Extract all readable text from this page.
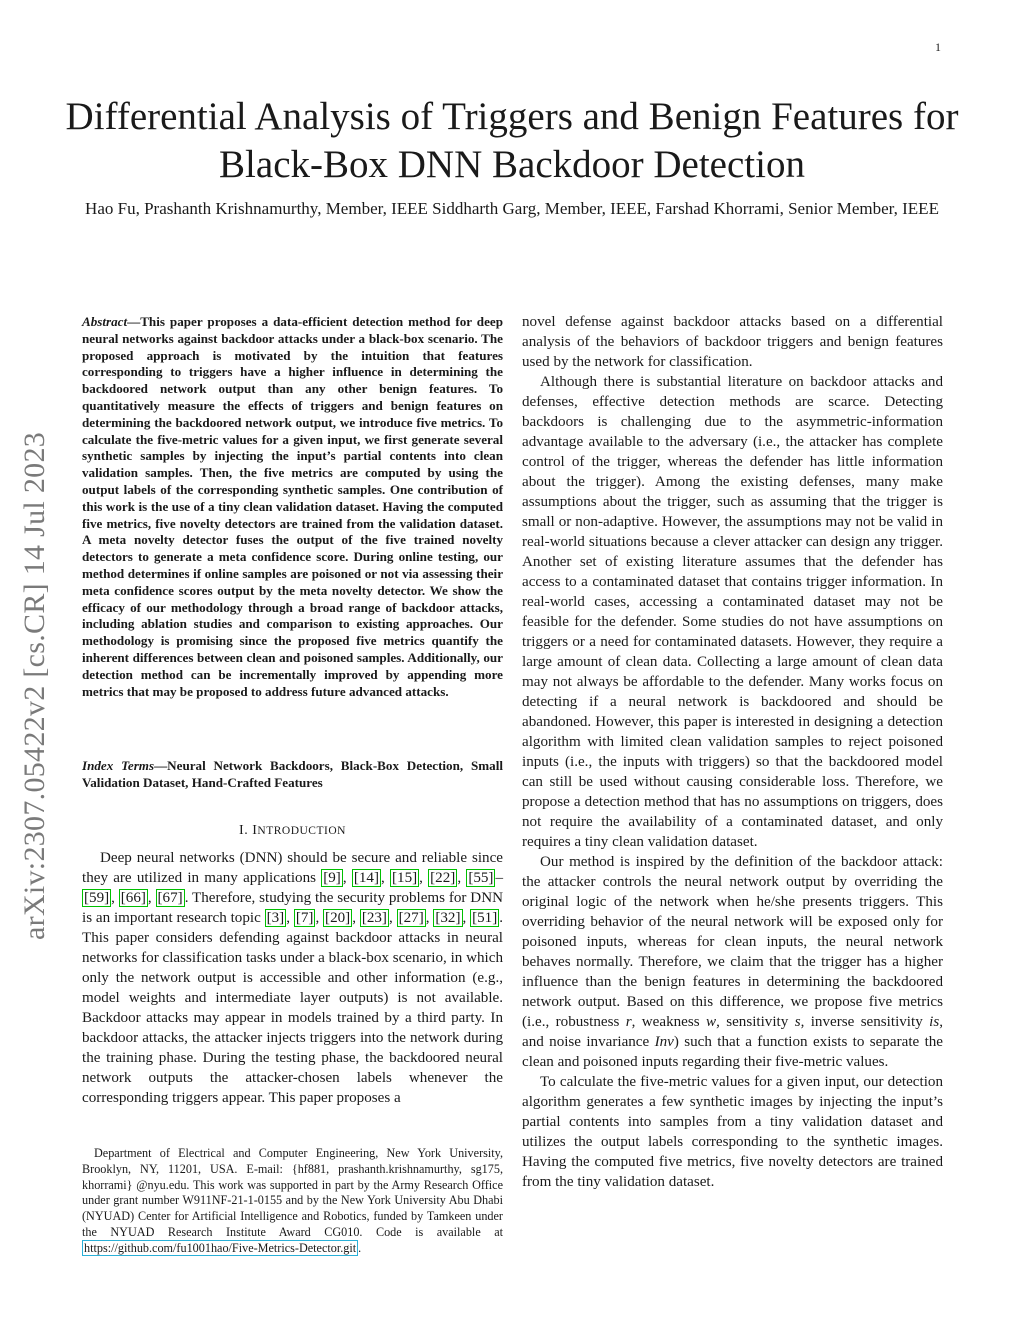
1
arXiv:2307.05422v2 [cs.CR] 14 Jul 2023
Differential Analysis of Triggers and Benign Features for Black-Box DNN Backdoor Detection
Hao Fu, Prashanth Krishnamurthy, Member, IEEE Siddharth Garg, Member, IEEE, Farshad Khorrami, Senior Member, IEEE
Abstract—This paper proposes a data-efficient detection method for deep neural networks against backdoor attacks under a black-box scenario. The proposed approach is motivated by the intuition that features corresponding to triggers have a higher influence in determining the backdoored network output than any other benign features. To quantitatively measure the effects of triggers and benign features on determining the backdoored network output, we introduce five metrics. To calculate the five-metric values for a given input, we first generate several synthetic samples by injecting the input’s partial contents into clean validation samples. Then, the five metrics are computed by using the output labels of the corresponding synthetic samples. One contribution of this work is the use of a tiny clean validation dataset. Having the computed five metrics, five novelty detectors are trained from the validation dataset. A meta novelty detector fuses the output of the five trained novelty detectors to generate a meta confidence score. During online testing, our method determines if online samples are poisoned or not via assessing their meta confidence scores output by the meta novelty detector. We show the efficacy of our methodology through a broad range of backdoor attacks, including ablation studies and comparison to existing approaches. Our methodology is promising since the proposed five metrics quantify the inherent differences between clean and poisoned samples. Additionally, our detection method can be incrementally improved by appending more metrics that may be proposed to address future advanced attacks.
Index Terms—Neural Network Backdoors, Black-Box Detection, Small Validation Dataset, Hand-Crafted Features
I. INTRODUCTION

Deep neural networks (DNN) should be secure and reliable since they are utilized in many applications [9] , [14] , [15] , [22] , [55] –[59] , [66] , [67] . Therefore, studying the security problems for DNN is an important research topic [3] , [7] , [20] , [23] , [27] , [32] , [51] . This paper considers defending against backdoor attacks in neural networks for classification tasks under a black-box scenario, in which only the network output is accessible and other information (e.g., model weights and intermediate layer outputs) is not available. Backdoor attacks may appear in models trained by a third party. In backdoor attacks, the attacker injects triggers into the network during the training phase. During the testing phase, the backdoored neural network outputs the attacker-chosen labels whenever the corresponding triggers appear. This paper proposes a

Department of Electrical and Computer Engineering, New York University, Brooklyn, NY, 11201, USA. E-mail: {hf881, prashanth.krishnamurthy, sg175, khorrami} @nyu.edu. This work was supported in part by the Army Research Office under grant number W911NF-21-1-0155 and by the New York University Abu Dhabi (NYUAD) Center for Artificial Intelligence and Robotics, funded by Tamkeen under the NYUAD Research Institute Award CG010. Code is available at https://github.com/fu1001hao/Five-Metrics-Detector.git .

novel defense against backdoor attacks based on a differential analysis of the behaviors of backdoor triggers and benign features used by the network for classification.

Although there is substantial literature on backdoor attacks and defenses, effective detection methods are scarce. Detecting backdoors is challenging due to the asymmetric-information advantage available to the adversary (i.e., the attacker has complete control of the trigger, whereas the defender has little information about the trigger). Among the existing defenses, many make assumptions about the trigger, such as assuming that the trigger is small or non-adaptive. However, the assumptions may not be valid in real-world situations because a clever attacker can design any trigger. Another set of existing literature assumes that the defender has access to a contaminated dataset that contains trigger information. In real-world cases, accessing a contaminated dataset may not be feasible for the defender. Some studies do not have assumptions on triggers or a need for contaminated datasets. However, they require a large amount of clean data. Collecting a large amount of clean data may not always be affordable to the defender. Many works focus on detecting if a neural network is backdoored and should be abandoned. However, this paper is interested in designing a detection algorithm with limited clean validation samples to reject poisoned inputs (i.e., the inputs with triggers) so that the backdoored model can still be used without causing considerable loss. Therefore, we propose a detection method that has no assumptions on triggers, does not require the availability of a contaminated dataset, and only requires a tiny clean validation dataset.

Our method is inspired by the definition of the backdoor attack: the attacker controls the neural network output by overriding the original logic of the network when he/she presents triggers. This overriding behavior of the neural network will be exposed only for poisoned inputs, whereas for clean inputs, the neural network behaves normally. Therefore, we claim that the trigger has a higher influence than the benign features in determining the backdoored network output. Based on this difference, we propose five metrics (i.e., robustness r, weakness w, sensitivity s, inverse sensitivity is, and noise invariance Inv) such that a function exists to separate the clean and poisoned inputs regarding their five-metric values.

To calculate the five-metric values for a given input, our detection algorithm generates a few synthetic images by injecting the input’s partial contents into samples from a tiny validation dataset and utilizes the output labels corresponding to the synthetic images. Having the computed five metrics, five novelty detectors are trained from the tiny validation dataset.
